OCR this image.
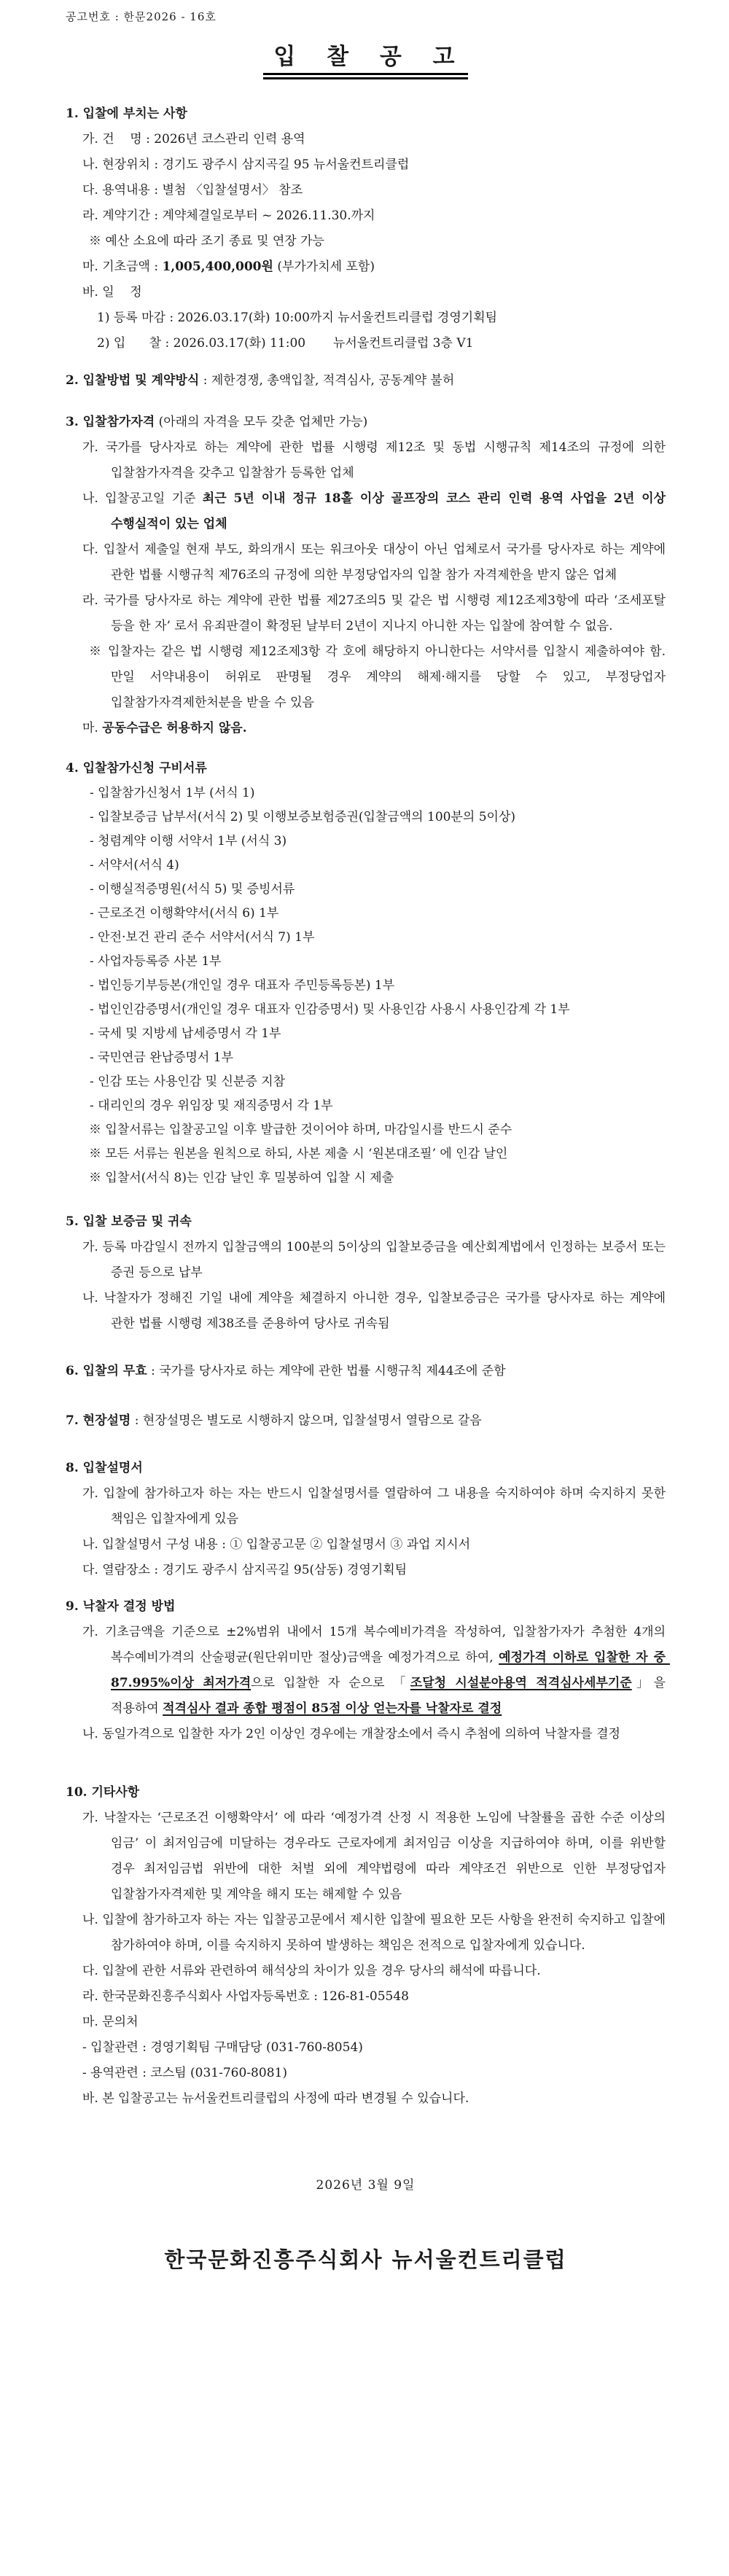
공고번호 : 한문2026 - 16호
입 찰 공 고
1. 입찰에 부치는 사항
가. 건    명 : 2026년 코스관리 인력 용역
나. 현장위치 : 경기도 광주시 삼지곡길 95 뉴서울컨트리클럽
다. 용역내용 : 별첨 〈입찰설명서〉 참조
라. 계약기간 : 계약체결일로부터 ~ 2026.11.30.까지
※ 예산 소요에 따라 조기 종료 및 연장 가능
마. 기초금액 : 1,005,400,000원 (부가가치세 포함)
바. 일    정
1) 등록 마감 : 2026.03.17(화) 10:00까지 뉴서울컨트리클럽 경영기획팀
2) 입      찰 : 2026.03.17(화) 11:00       뉴서울컨트리클럽 3층 V1
2. 입찰방법 및 계약방식 : 제한경쟁, 총액입찰, 적격심사, 공동계약 불허
3. 입찰참가자격 (아래의 자격을 모두 갖춘 업체만 가능)
가. 국가를 당사자로 하는 계약에 관한 법률 시행령 제12조 및 동법 시행규칙 제14조의 규정에 의한 입찰참가자격을 갖추고 입찰참가 등록한 업체
나. 입찰공고일 기준 최근 5년 이내 정규 18홀 이상 골프장의 코스 관리 인력 용역 사업을 2년 이상 수행실적이 있는 업체
다. 입찰서 제출일 현재 부도, 화의개시 또는 워크아웃 대상이 아닌 업체로서 국가를 당사자로 하는 계약에 관한 법률 시행규칙 제76조의 규정에 의한 부정당업자의 입찰 참가 자격제한을 받지 않은 업체
라. 국가를 당사자로 하는 계약에 관한 법률 제27조의5 및 같은 법 시행령 제12조제3항에 따라 ‘조세포탈 등을 한 자’ 로서 유죄판결이 확정된 날부터 2년이 지나지 아니한 자는 입찰에 참여할 수 없음.
※ 입찰자는 같은 법 시행령 제12조제3항 각 호에 해당하지 아니한다는 서약서를 입찰시 제출하여야 함. 만일 서약내용이 허위로 판명될 경우 계약의 해제·해지를 당할 수 있고, 부정당업자 입찰참가자격제한처분을 받을 수 있음
마. 공동수급은 허용하지 않음.
4. 입찰참가신청 구비서류
- 입찰참가신청서 1부 (서식 1)
- 입찰보증금 납부서(서식 2) 및 이행보증보험증권(입찰금액의 100분의 5이상)
- 청렴계약 이행 서약서 1부 (서식 3)
- 서약서(서식 4)
- 이행실적증명원(서식 5) 및 증빙서류
- 근로조건 이행확약서(서식 6) 1부
- 안전·보건 관리 준수 서약서(서식 7) 1부
- 사업자등록증 사본 1부
- 법인등기부등본(개인일 경우 대표자 주민등록등본) 1부
- 법인인감증명서(개인일 경우 대표자 인감증명서) 및 사용인감 사용시 사용인감계 각 1부
- 국세 및 지방세 납세증명서 각 1부
- 국민연금 완납증명서 1부
- 인감 또는 사용인감 및 신분증 지참
- 대리인의 경우 위임장 및 재직증명서 각 1부
※ 입찰서류는 입찰공고일 이후 발급한 것이어야 하며, 마감일시를 반드시 준수
※ 모든 서류는 원본을 원칙으로 하되, 사본 제출 시 ‘원본대조필’ 에 인감 날인
※ 입찰서(서식 8)는 인감 날인 후 밀봉하여 입찰 시 제출
5. 입찰 보증금 및 귀속
가. 등록 마감일시 전까지 입찰금액의 100분의 5이상의 입찰보증금을 예산회계법에서 인정하는 보증서 또는 증권 등으로 납부
나. 낙찰자가 정해진 기일 내에 계약을 체결하지 아니한 경우, 입찰보증금은 국가를 당사자로 하는 계약에 관한 법률 시행령 제38조를 준용하여 당사로 귀속됨
6. 입찰의 무효 : 국가를 당사자로 하는 계약에 관한 법률 시행규칙 제44조에 준함
7. 현장설명 : 현장설명은 별도로 시행하지 않으며, 입찰설명서 열람으로 갈음
8. 입찰설명서
가. 입찰에 참가하고자 하는 자는 반드시 입찰설명서를 열람하여 그 내용을 숙지하여야 하며 숙지하지 못한 책임은 입찰자에게 있음
나. 입찰설명서 구성 내용 : ① 입찰공고문 ② 입찰설명서 ③ 과업 지시서
다. 열람장소 : 경기도 광주시 삼지곡길 95(삼동) 경영기획팀
9. 낙찰자 결정 방법
가. 기초금액을 기준으로 ±2%범위 내에서 15개 복수예비가격을 작성하여, 입찰참가자가 추첨한 4개의 복수예비가격의 산술평균(원단위미만 절상)금액을 예정가격으로 하여, 예정가격 이하로 입찰한 자 중 87.995%이상 최저가격으로 입찰한 자 순으로 「조달청 시설분야용역 적격심사세부기준」을 적용하여 적격심사 결과 종합 평점이 85점 이상 얻는자를 낙찰자로 결정
나. 동일가격으로 입찰한 자가 2인 이상인 경우에는 개찰장소에서 즉시 추첨에 의하여 낙찰자를 결정
10. 기타사항
가. 낙찰자는 ‘근로조건 이행확약서’ 에 따라 ‘예정가격 산정 시 적용한 노임에 낙찰률을 곱한 수준 이상의 임금’ 이 최저임금에 미달하는 경우라도 근로자에게 최저임금 이상을 지급하여야 하며, 이를 위반할 경우 최저임금법 위반에 대한 처벌 외에 계약법령에 따라 계약조건 위반으로 인한 부정당업자 입찰참가자격제한 및 계약을 해지 또는 해제할 수 있음
나. 입찰에 참가하고자 하는 자는 입찰공고문에서 제시한 입찰에 필요한 모든 사항을 완전히 숙지하고 입찰에 참가하여야 하며, 이를 숙지하지 못하여 발생하는 책임은 전적으로 입찰자에게 있습니다.
다. 입찰에 관한 서류와 관련하여 해석상의 차이가 있을 경우 당사의 해석에 따릅니다.
라. 한국문화진흥주식회사 사업자등록번호 : 126-81-05548
마. 문의처
- 입찰관련 : 경영기획팀 구매담당 (031-760-8054)
- 용역관련 : 코스팀 (031-760-8081)
바. 본 입찰공고는 뉴서울컨트리클럽의 사정에 따라 변경될 수 있습니다.
2026년 3월 9일
한국문화진흥주식회사 뉴서울컨트리클럽
